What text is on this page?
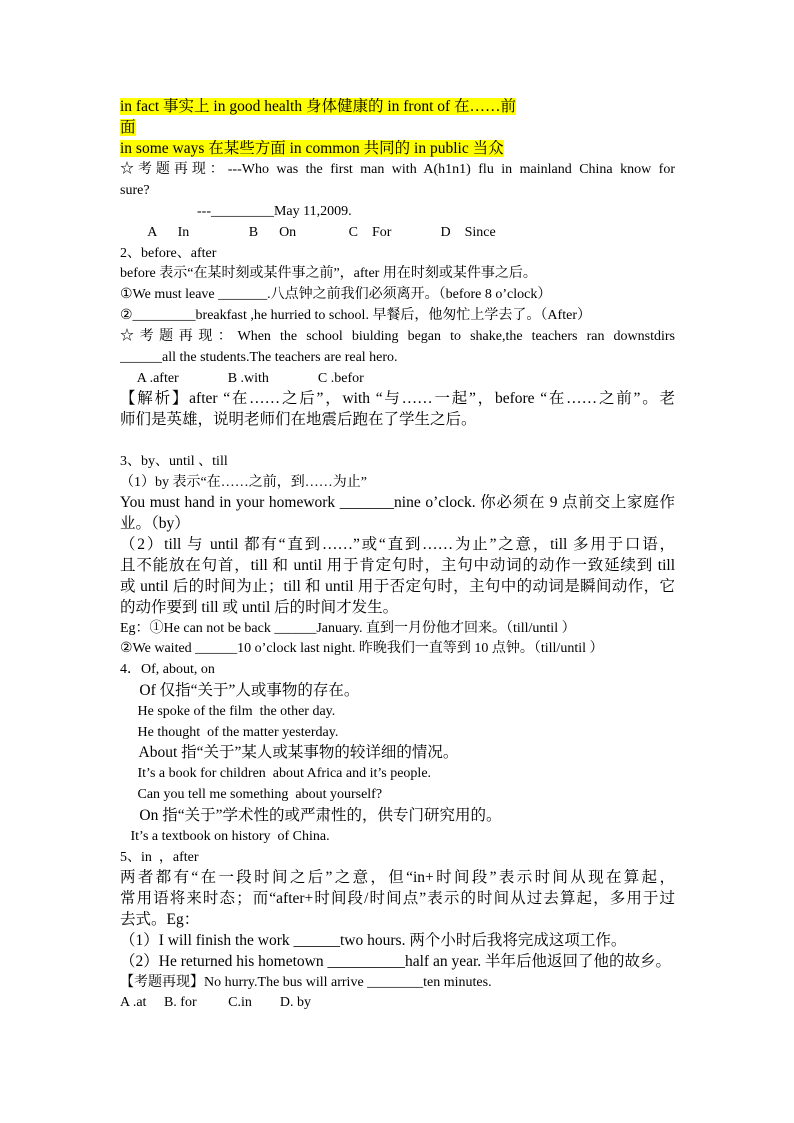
in fact 事实上 in good health 身体健康的 in front of 在……前
面
in some ways 在某些方面 in common 共同的 in public 当众
☆考题再现：---Who was the first man with A(h1n1) flu in mainland China know for
sure?
---_________May 11,2009.
A      In                 B      On               C    For              D    Since
2、before、after
before 表示“在某时刻或某件事之前”，after 用在时刻或某件事之后。
①We must leave _______.八点钟之前我们必须离开。（before 8 o’clock）
②_________breakfast ,he hurried to school. 早餐后，他匆忙上学去了。（After）
☆考题再现：When the school biulding began to shake,the teachers ran downstdirs
______all the students.The teachers are real hero.
A .after              B .with              C .befor
【解析】after “在……之后”，with “与……一起”，before “在……之前”。老
师们是英雄，说明老师们在地震后跑在了学生之后。
3、by、until 、till
（1）by 表示“在……之前，到……为止”
You must hand in your homework _______nine o’clock. 你必须在 9 点前交上家庭作
业。（by）
（2）till 与 until 都有“直到……”或“直到……为止”之意，till 多用于口语，
且不能放在句首，till 和 until 用于肯定句时，主句中动词的动作一致延续到 till
或 until 后的时间为止；till 和 until 用于否定句时，主句中的动词是瞬间动作，它
的动作要到 till 或 until 后的时间才发生。
Eg：①He can not be back ______January. 直到一月份他才回来。（till/until ）
②We waited ______10 o’clock last night. 昨晚我们一直等到 10 点钟。（till/until ）
4．Of, about, on
Of 仅指“关于”人或事物的存在。
He spoke of the film  the other day.
He thought  of the matter yesterday.
About 指“关于”某人或某事物的较详细的情况。
It’s a book for children  about Africa and it’s people.
Can you tell me something  about yourself?
On 指“关于”学术性的或严肃性的，供专门研究用的。
It’s a textbook on history  of China.
5、in  ，after
两者都有“在一段时间之后”之意，但“in+时间段”表示时间从现在算起，
常用语将来时态；而“after+时间段/时间点”表示的时间从过去算起，多用于过
去式。Eg：
（1）I will finish the work ______two hours. 两个小时后我将完成这项工作。
（2）He returned his hometown __________half an year. 半年后他返回了他的故乡。
【考题再现】No hurry.The bus will arrive ________ten minutes.
A .at     B. for         C.in        D. by
